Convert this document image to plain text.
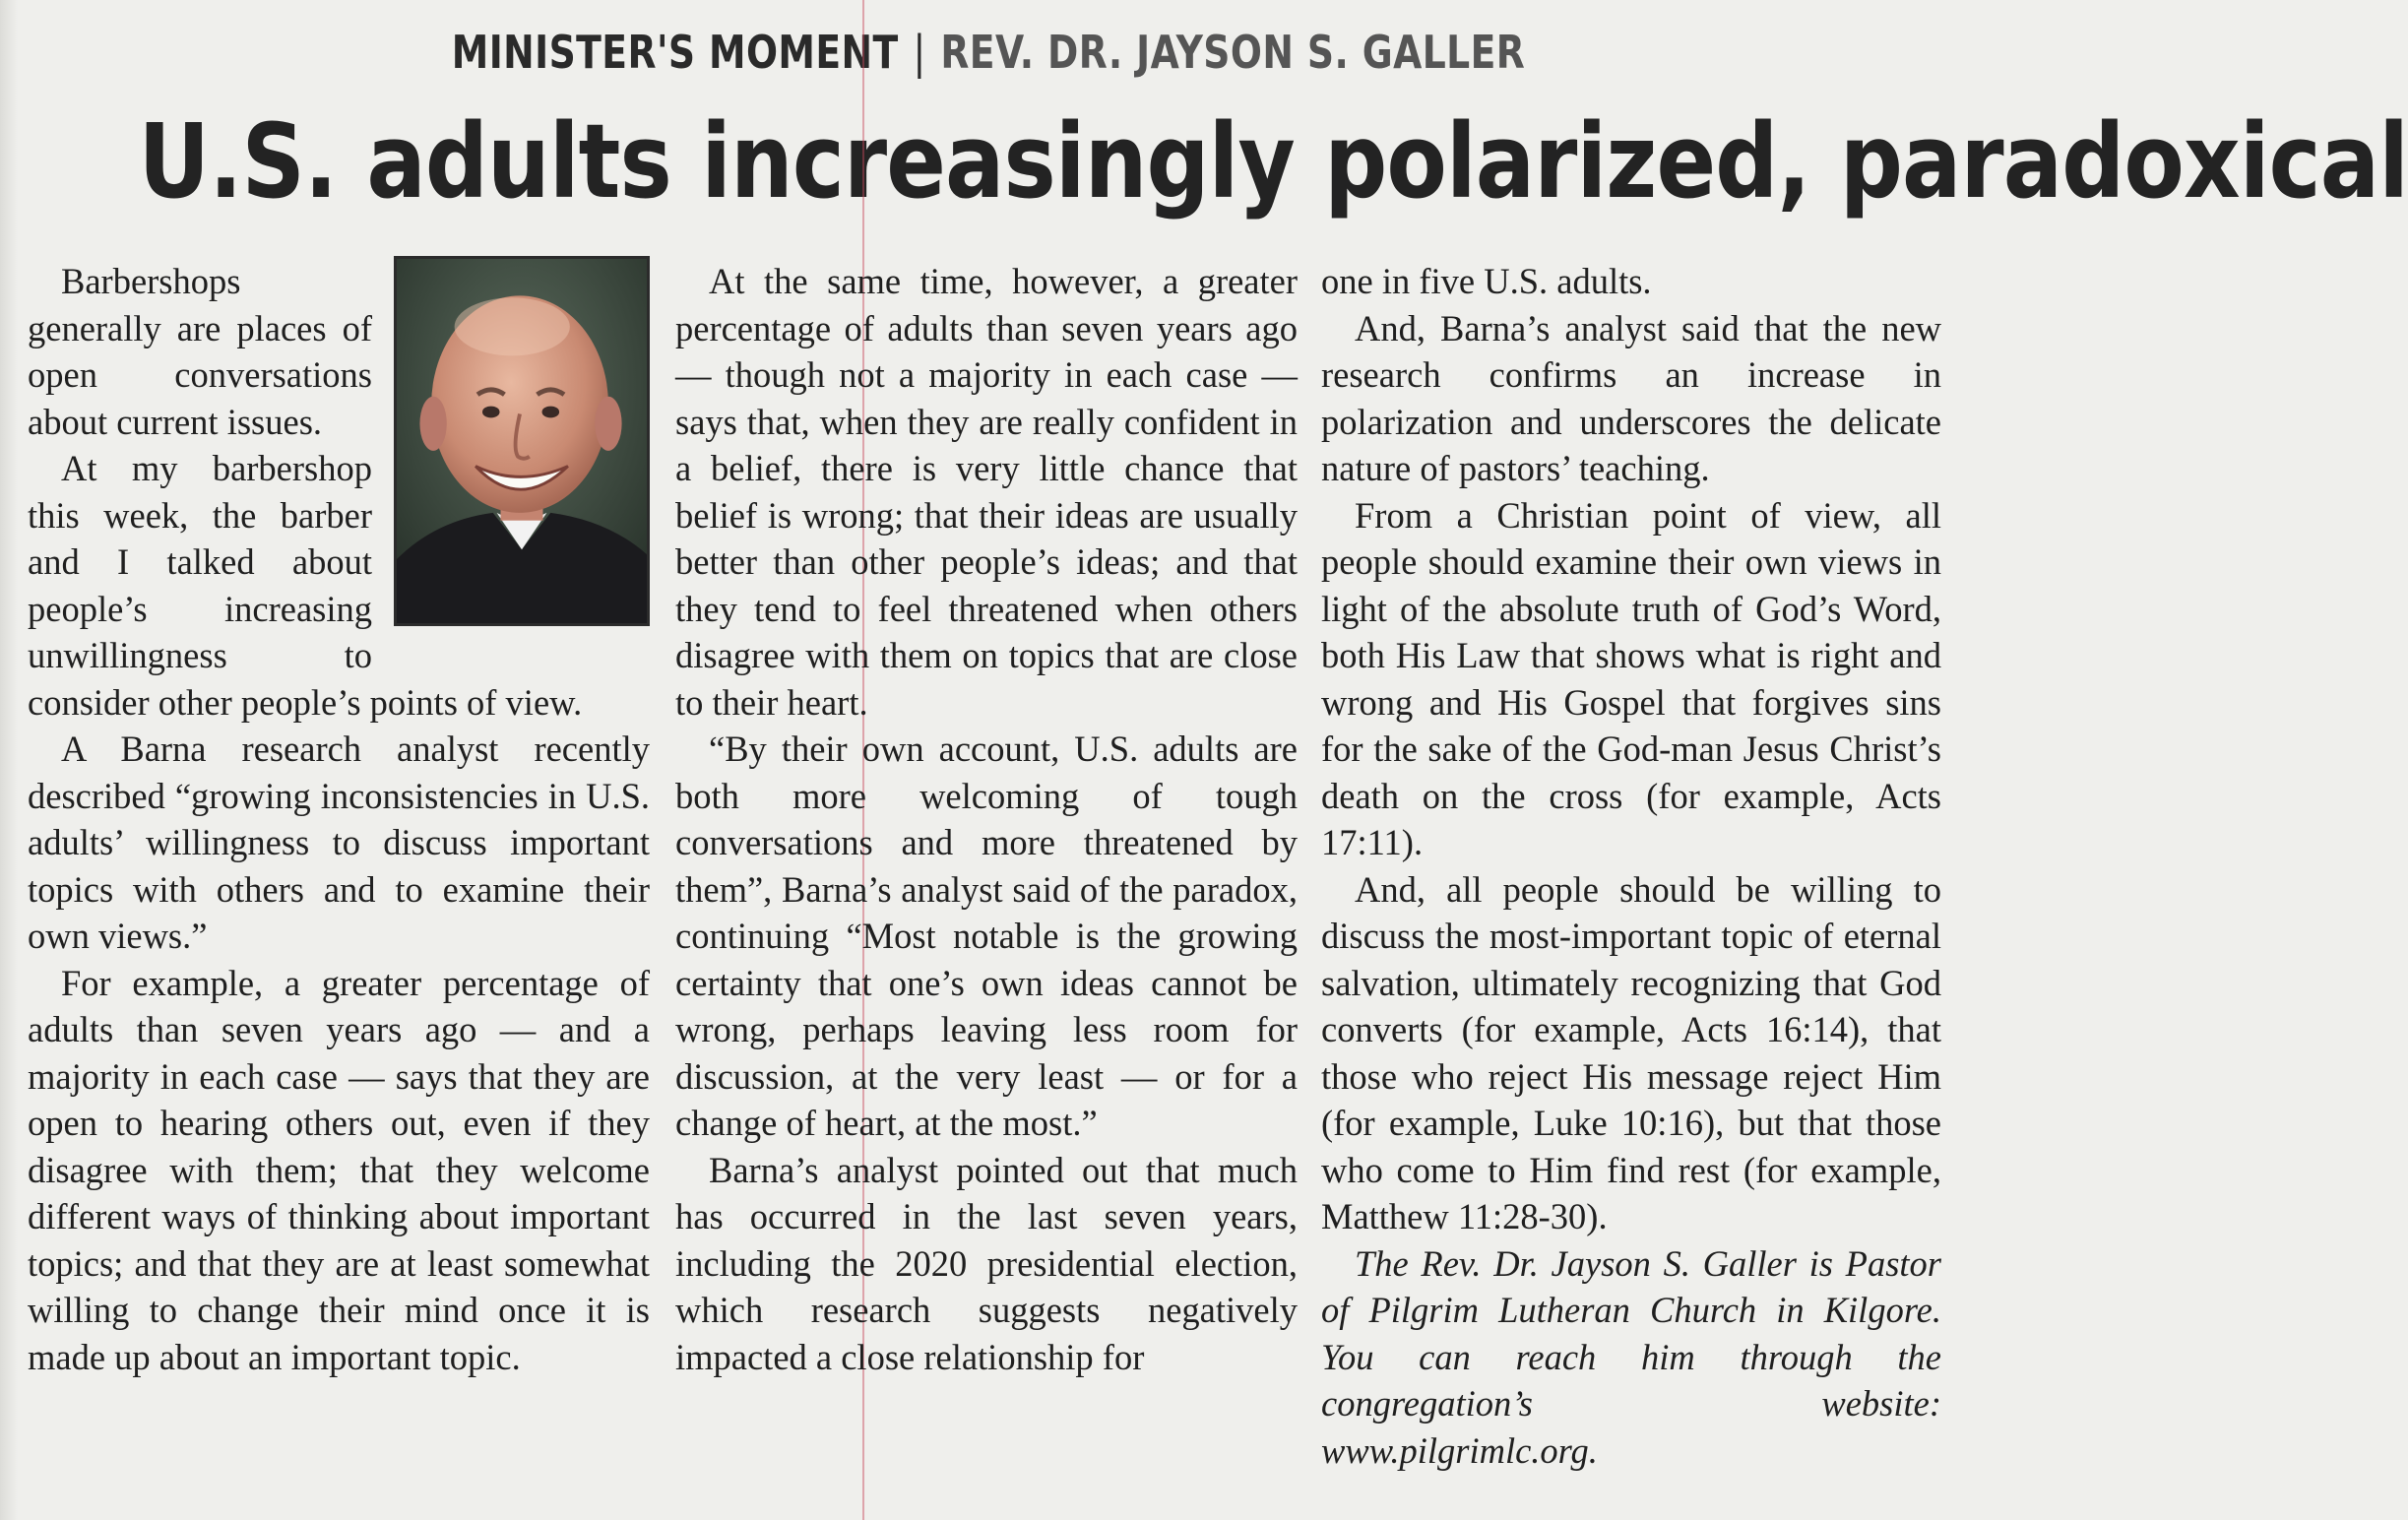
MINISTER'S MOMENT | REV. DR. JAYSON S. GALLER
U.S. adults increasingly polarized, paradoxical

Barbershops generally are places of open conversations about current issues.

At my barbershop this week, the barber and I talked about people’s increasing unwillingness to consider other people’s points of view.

A Barna research analyst recently described “growing inconsistencies in U.S. adults’ willingness to discuss important topics with others and to examine their own views.”

For example, a greater percentage of adults than seven years ago — and a majority in each case — says that they are open to hearing others out, even if they disagree with them; that they welcome different ways of thinking about important topics; and that they are at least somewhat willing to change their mind once it is made up about an important topic.

At the same time, however, a greater percentage of adults than seven years ago — though not a majority in each case — says that, when they are really confident in a belief, there is very little chance that belief is wrong; that their ideas are usually better than other people’s ideas; and that they tend to feel threatened when others disagree with them on topics that are close to their heart.

“By their own account, U.S. adults are both more welcoming of tough conversations and more threatened by them”, Barna’s analyst said of the paradox, continuing “Most notable is the growing certainty that one’s own ideas cannot be wrong, perhaps leaving less room for discussion, at the very least — or for a change of heart, at the most.”

Barna’s analyst pointed out that much has occurred in the last seven years, including the 2020 presidential election, which research suggests negatively impacted a close relationship for

one in five U.S. adults.

And, Barna’s analyst said that the new research confirms an increase in polarization and underscores the delicate nature of pastors’ teaching.

From a Christian point of view, all people should examine their own views in light of the absolute truth of God’s Word, both His Law that shows what is right and wrong and His Gospel that forgives sins for the sake of the God-man Jesus Christ’s death on the cross (for example, Acts 17:11).

And, all people should be willing to discuss the most-important topic of eternal salvation, ultimately recognizing that God converts (for example, Acts 16:14), that those who reject His message reject Him (for example, Luke 10:16), but that those who come to Him find rest (for example, Matthew 11:28-30).

The Rev. Dr. Jayson S. Galler is Pastor of Pilgrim Lutheran Church in Kilgore. You can reach him through the congregation’s website: www.pilgrimlc.org.
